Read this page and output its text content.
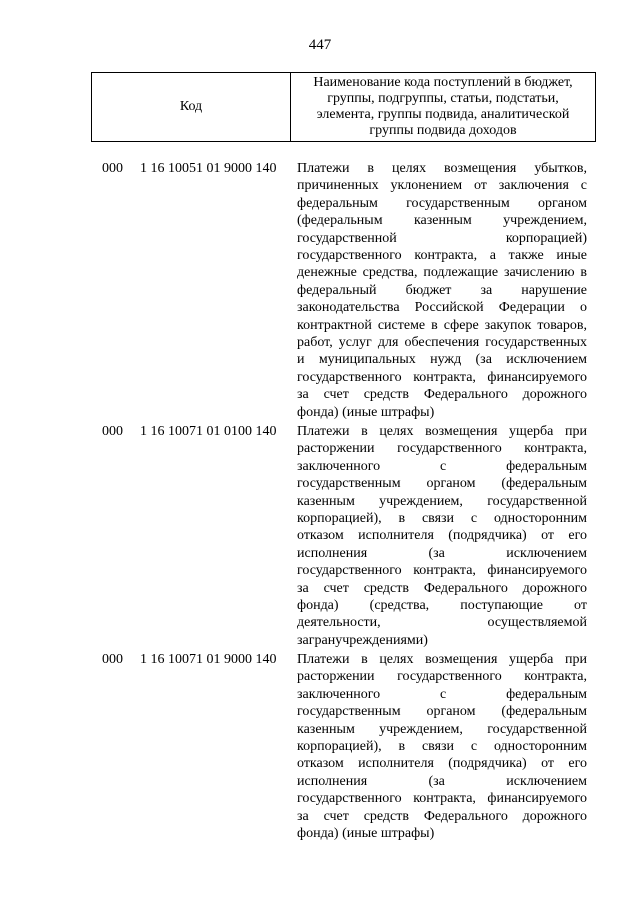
447
Код
Наименование кода поступлений в бюджет, группы, подгруппы, статьи, подстатьи, элемента, группы подвида, аналитической группы подвида доходов
000 1 16 10051 01 9000 140 Платежи в целях возмещения убытков,
причиненных уклонением от заключения с
федеральным государственным органом
(федеральным казенным учреждением,
государственной корпорацией)
государственного контракта, а также иные
денежные средства, подлежащие зачислению в
федеральный бюджет за нарушение
законодательства Российской Федерации о
контрактной системе в сфере закупок товаров,
работ, услуг для обеспечения государственных
и муниципальных нужд (за исключением
государственного контракта, финансируемого
за счет средств Федерального дорожного
фонда) (иные штрафы)
000 1 16 10071 01 0100 140 Платежи в целях возмещения ущерба при
расторжении государственного контракта,
заключенного с федеральным
государственным органом (федеральным
казенным учреждением, государственной
корпорацией), в связи с односторонним
отказом исполнителя (подрядчика) от его
исполнения (за исключением
государственного контракта, финансируемого
за счет средств Федерального дорожного
фонда) (средства, поступающие от
деятельности, осуществляемой
загранучреждениями)
000 1 16 10071 01 9000 140 Платежи в целях возмещения ущерба при
расторжении государственного контракта,
заключенного с федеральным
государственным органом (федеральным
казенным учреждением, государственной
корпорацией), в связи с односторонним
отказом исполнителя (подрядчика) от его
исполнения (за исключением
государственного контракта, финансируемого
за счет средств Федерального дорожного
фонда) (иные штрафы)
